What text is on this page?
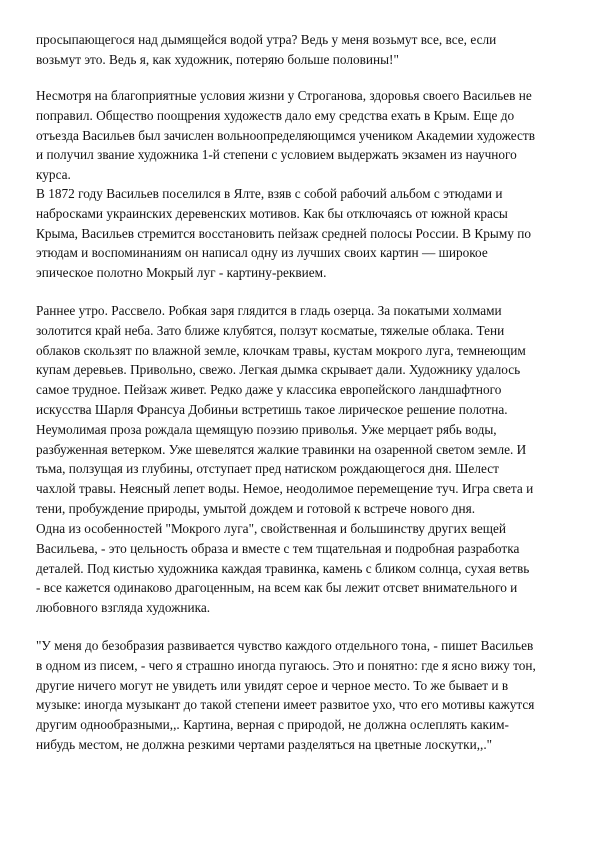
просыпающегося над дымящейся водой утра? Ведь у меня возьмут все, все, если
возьмут это. Ведь я, как художник, потеряю больше половины!"

Несмотря на благоприятные условия жизни у Строганова, здоровья своего Васильев не
поправил. Общество поощрения художеств дало ему средства ехать в Крым. Еще до
отъезда Васильев был зачислен вольноопределяющимся учеником Академии художеств
и получил звание художника 1-й степени с условием выдержать экзамен из научного
курса.

В 1872 году Васильев поселился в Ялте, взяв с собой рабочий альбом с этюдами и
набросками украинских деревенских мотивов. Как бы отключаясь от южной красы
Крыма, Васильев стремится восстановить пейзаж средней полосы России. В Крыму по
этюдам и воспоминаниям он написал одну из лучших своих картин — широкое
эпическое полотно Мокрый луг - картину-реквием.

Раннее утро. Рассвело. Робкая заря глядится в гладь озерца. За покатыми холмами
золотится край неба. Зато ближе клубятся, ползут косматые, тяжелые облака. Тени
облаков скользят по влажной земле, клочкам травы, кустам мокрого луга, темнеющим
купам деревьев. Привольно, свежо. Легкая дымка скрывает дали. Художнику удалось
самое трудное. Пейзаж живет. Редко даже у классика европейского ландшафтного
искусства Шарля Франсуа Добиньи встретишь такое лирическое решение полотна.
Неумолимая проза рождала щемящую поэзию приволья. Уже мерцает рябь воды,
разбуженная ветерком. Уже шевелятся жалкие травинки на озаренной светом земле. И
тьма, ползущая из глубины, отступает пред натиском рождающегося дня. Шелест
чахлой травы. Неясный лепет воды. Немое, неодолимое перемещение туч. Игра света и
тени, пробуждение природы, умытой дождем и готовой к встрече нового дня.

Одна из особенностей "Мокрого луга", свойственная и большинству других вещей
Васильева, - это цельность образа и вместе с тем тщательная и подробная разработка
деталей. Под кистью художника каждая травинка, камень с бликом солнца, сухая ветвь
- все кажется одинаково драгоценным, на всем как бы лежит отсвет внимательного и
любовного взгляда художника.

"У меня до безобразия развивается чувство каждого отдельного тона, - пишет Васильев
в одном из писем, - чего я страшно иногда пугаюсь. Это и понятно: где я ясно вижу тон,
другие ничего могут не увидеть или увидят серое и черное место. То же бывает и в
музыке: иногда музыкант до такой степени имеет развитое ухо, что его мотивы кажутся
другим однообразными,,. Картина, верная с природой, не должна ослеплять каким-
нибудь местом, не должна резкими чертами разделяться на цветные лоскутки,,."
